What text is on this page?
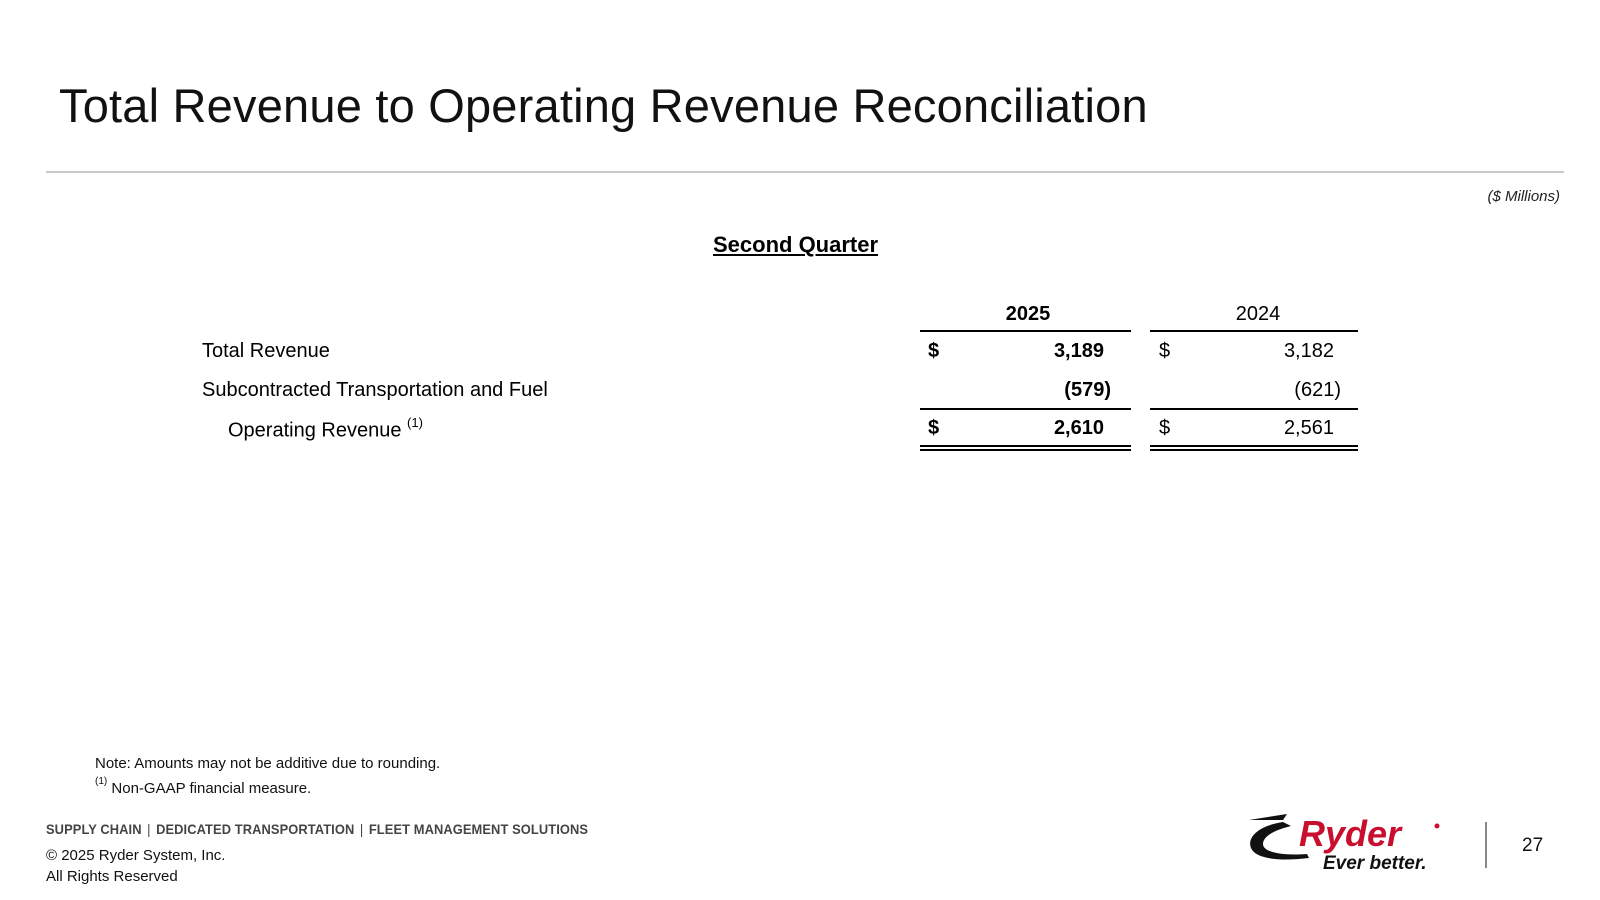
Total Revenue to Operating Revenue Reconciliation
($ Millions)
Second Quarter
2025	2024
Total Revenue	$	3,189	$	3,182
Subcontracted Transportation and Fuel	(579)	(621)
Operating Revenue $^{(1)}$	$	2,610	$	2,561
Note: Amounts may not be additive due to rounding.
$^{(1)}$ Non-GAAP financial measure.
SUPPLY CHAIN | DEDICATED TRANSPORTATION | FLEET MANAGEMENT SOLUTIONS
© 2025 Ryder System, Inc.
All Rights Reserved
Ryder
Ever better.
27
